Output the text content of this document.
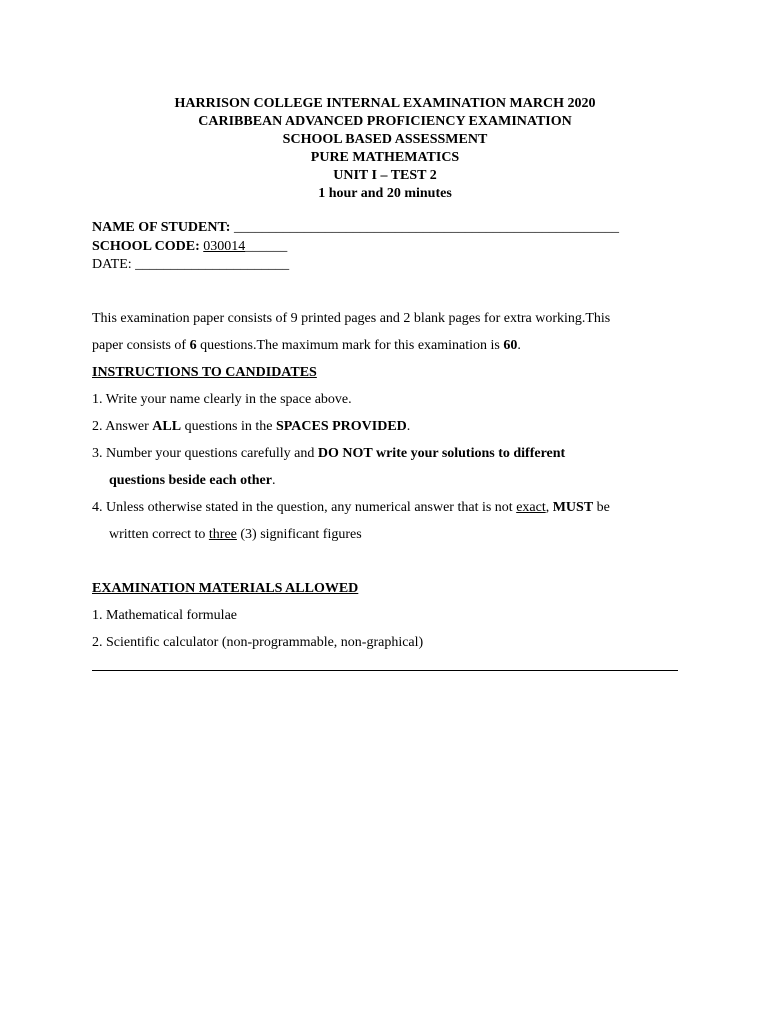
HARRISON COLLEGE INTERNAL EXAMINATION MARCH 2020
CARIBBEAN ADVANCED PROFICIENCY EXAMINATION
SCHOOL BASED ASSESSMENT
PURE MATHEMATICS
UNIT I – TEST 2
1 hour and 20 minutes
NAME OF STUDENT: _______________________________________________________
SCHOOL CODE: 030014______
DATE: ______________________
This examination paper consists of 9 printed pages and 2 blank pages for extra working.This
paper consists of 6 questions.The maximum mark for this examination is 60.
INSTRUCTIONS TO CANDIDATES
1. Write your name clearly in the space above.
2. Answer ALL questions in the SPACES PROVIDED.
3. Number your questions carefully and DO NOT write your solutions to different
questions beside each other.
4. Unless otherwise stated in the question, any numerical answer that is not exact, MUST be
written correct to three (3) significant figures
EXAMINATION MATERIALS ALLOWED
1. Mathematical formulae
2. Scientific calculator (non-programmable, non-graphical)
